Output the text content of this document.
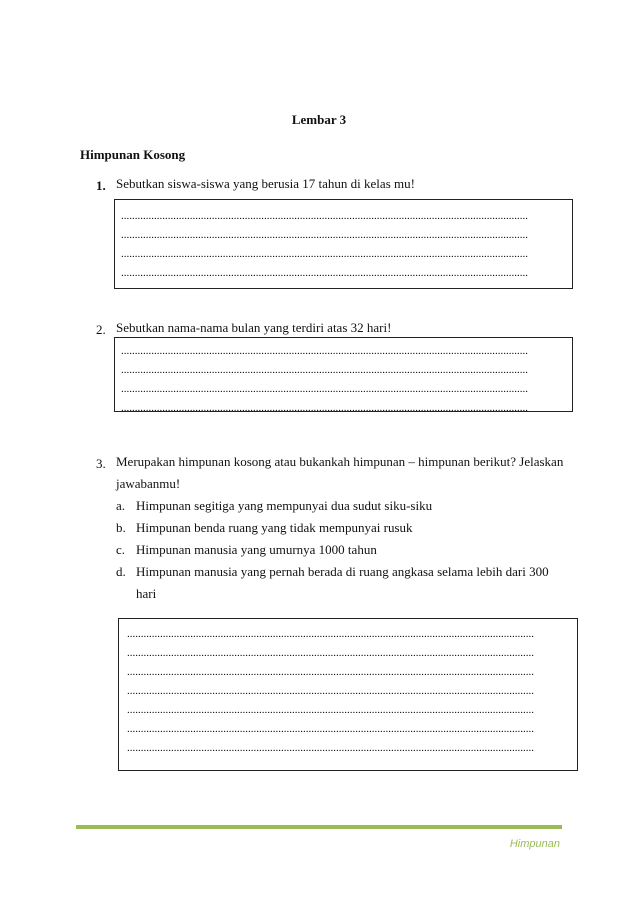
Lembar 3
Himpunan Kosong
1. Sebutkan siswa-siswa yang berusia 17 tahun di kelas mu!
....................................................................................................................................................
....................................................................................................................................................
....................................................................................................................................................
....................................................................................................................................................
2. Sebutkan nama-nama bulan yang terdiri atas 32 hari!
....................................................................................................................................................
....................................................................................................................................................
....................................................................................................................................................
....................................................................................................................................................
3. Merupakan himpunan kosong atau bukankah himpunan – himpunan berikut? Jelaskan
jawabanmu!
a. Himpunan segitiga yang mempunyai dua sudut siku-siku
b. Himpunan benda ruang yang tidak mempunyai rusuk
c. Himpunan manusia yang umurnya 1000 tahun
d. Himpunan manusia yang pernah berada di ruang angkasa selama lebih dari 300
hari
....................................................................................................................................................
....................................................................................................................................................
....................................................................................................................................................
....................................................................................................................................................
....................................................................................................................................................
....................................................................................................................................................
....................................................................................................................................................
Himpunan
